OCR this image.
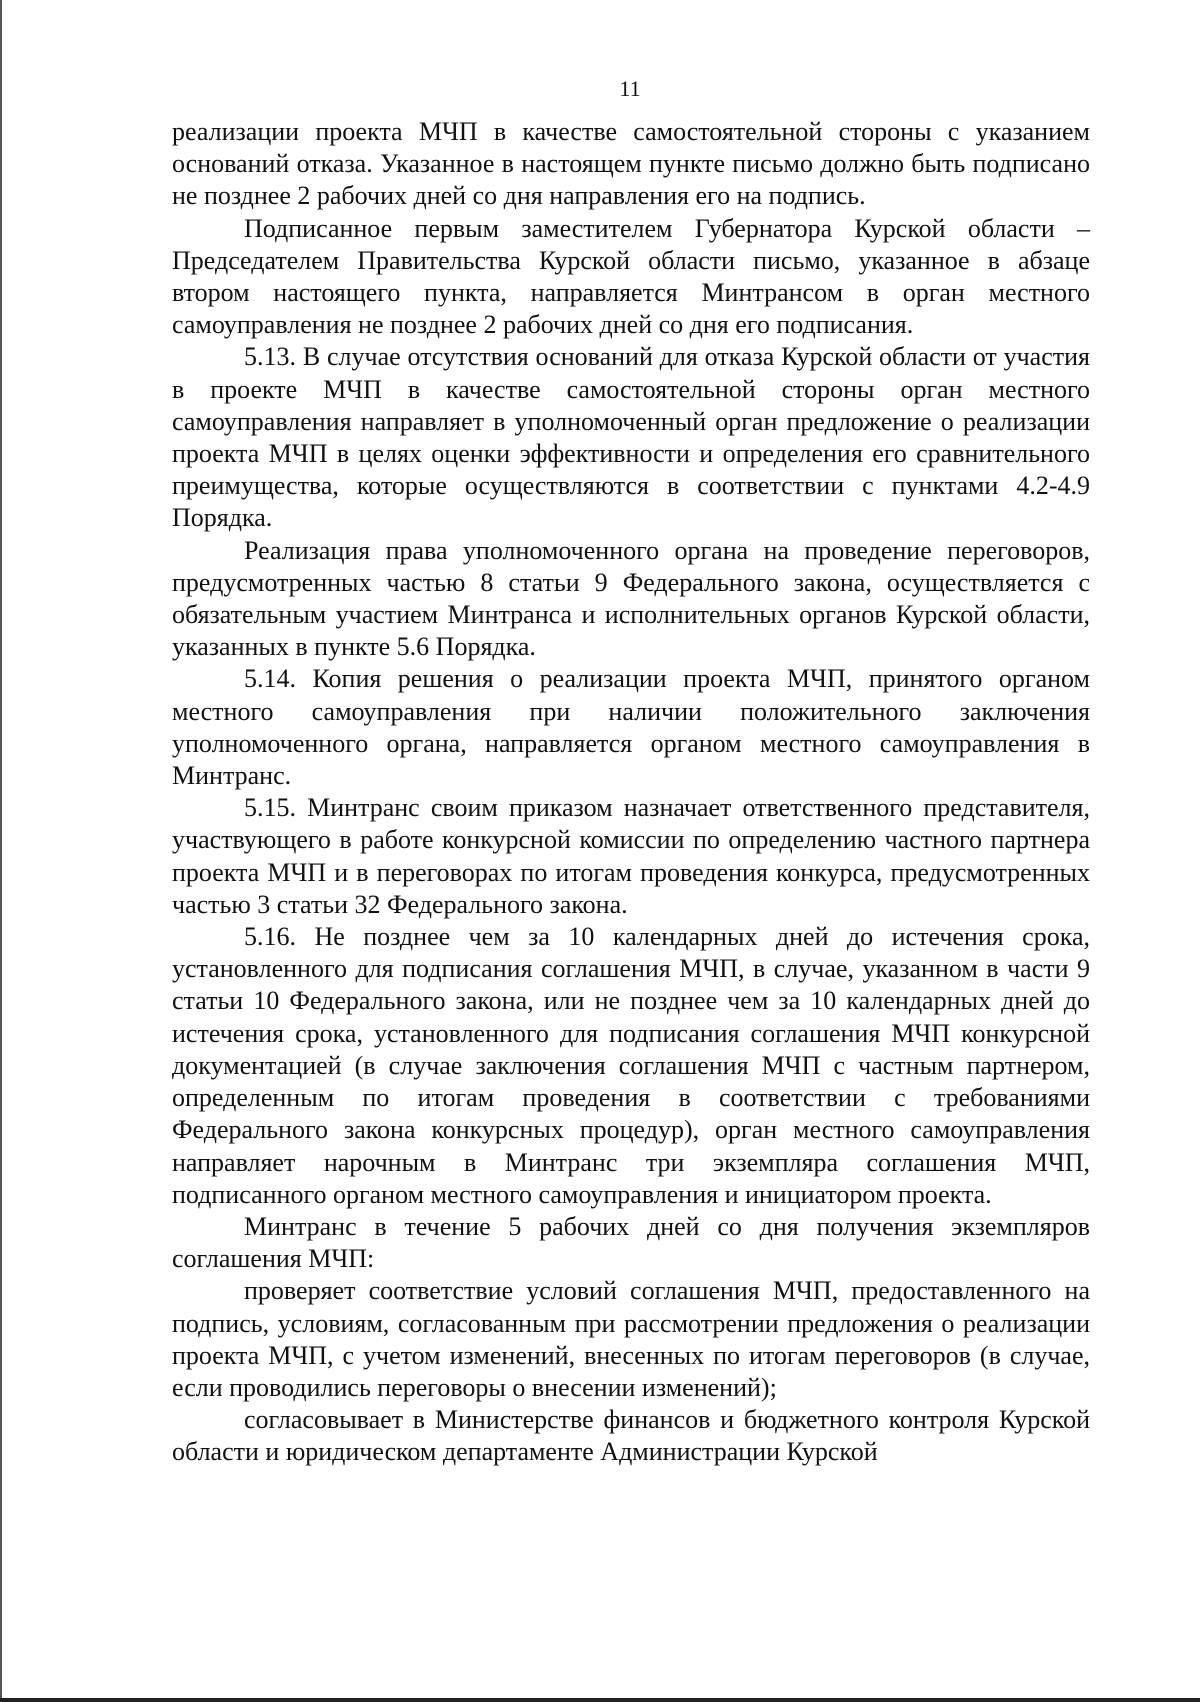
11

реализации проекта МЧП в качестве самостоятельной стороны с указанием оснований отказа. Указанное в настоящем пункте письмо должно быть подписано не позднее 2 рабочих дней со дня направления его на подпись.

Подписанное первым заместителем Губернатора Курской области – Председателем Правительства Курской области письмо, указанное в абзаце втором настоящего пункта, направляется Минтрансом в орган местного самоуправления не позднее 2 рабочих дней со дня его подписания.

5.13. В случае отсутствия оснований для отказа Курской области от участия в проекте МЧП в качестве самостоятельной стороны орган местного самоуправления направляет в уполномоченный орган предложение о реализации проекта МЧП в целях оценки эффективности и определения его сравнительного преимущества, которые осуществляются в соответствии с пунктами 4.2-4.9 Порядка.

Реализация права уполномоченного органа на проведение переговоров, предусмотренных частью 8 статьи 9 Федерального закона, осуществляется с обязательным участием Минтранса и исполнительных органов Курской области, указанных в пункте 5.6 Порядка.

5.14. Копия решения о реализации проекта МЧП, принятого органом местного самоуправления при наличии положительного заключения уполномоченного органа, направляется органом местного самоуправления в Минтранс.

5.15. Минтранс своим приказом назначает ответственного представителя, участвующего в работе конкурсной комиссии по определению частного партнера проекта МЧП и в переговорах по итогам проведения конкурса, предусмотренных частью 3 статьи 32 Федерального закона.

5.16. Не позднее чем за 10 календарных дней до истечения срока, установленного для подписания соглашения МЧП, в случае, указанном в части 9 статьи 10 Федерального закона, или не позднее чем за 10 календарных дней до истечения срока, установленного для подписания соглашения МЧП конкурсной документацией (в случае заключения соглашения МЧП с частным партнером, определенным по итогам проведения в соответствии с требованиями Федерального закона конкурсных процедур), орган местного самоуправления направляет нарочным в Минтранс три экземпляра соглашения МЧП, подписанного органом местного самоуправления и инициатором проекта.

Минтранс в течение 5 рабочих дней со дня получения экземпляров соглашения МЧП:

проверяет соответствие условий соглашения МЧП, предоставленного на подпись, условиям, согласованным при рассмотрении предложения о реализации проекта МЧП, с учетом изменений, внесенных по итогам переговоров (в случае, если проводились переговоры о внесении изменений);

согласовывает в Министерстве финансов и бюджетного контроля Курской области и юридическом департаменте Администрации Курской
